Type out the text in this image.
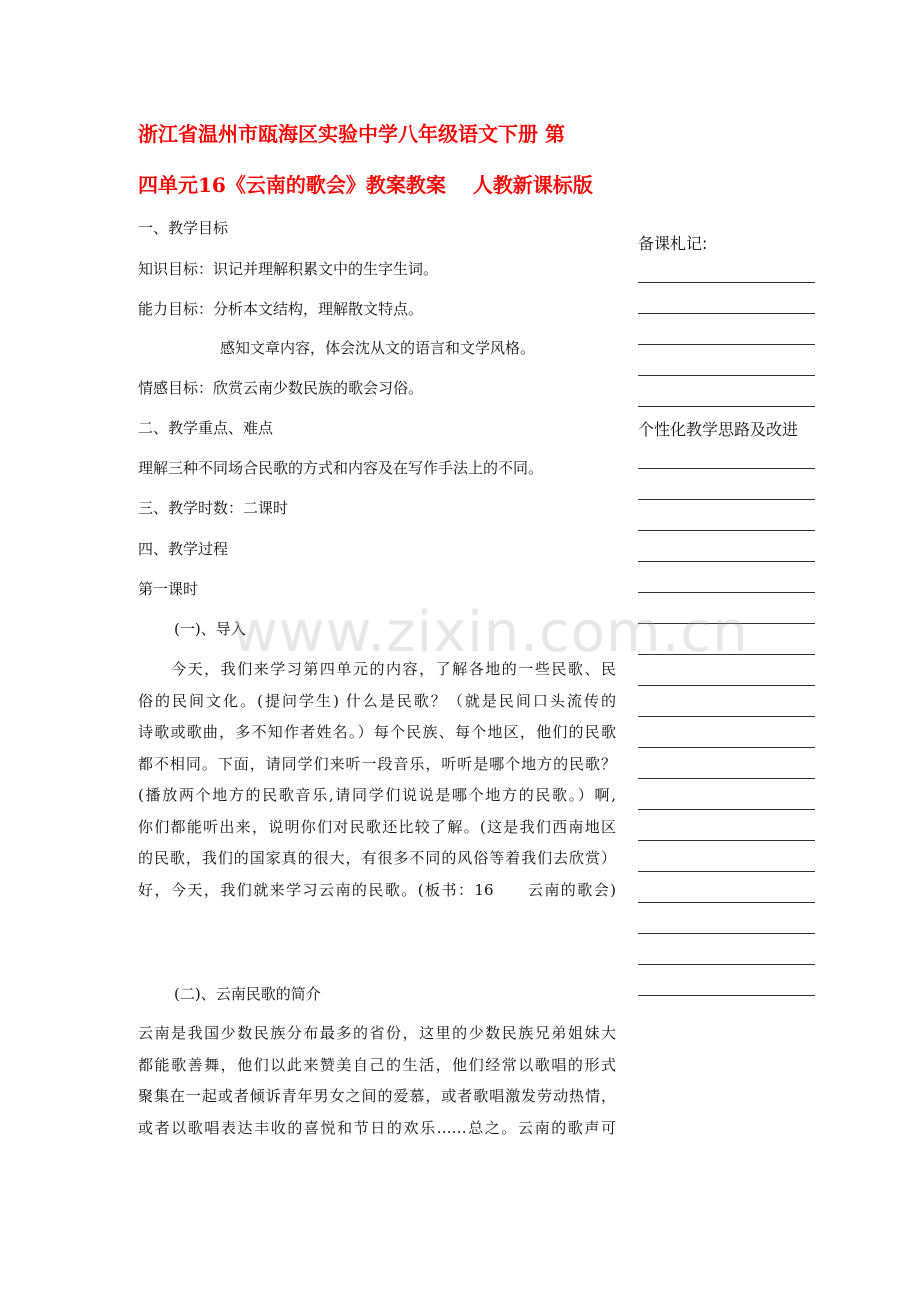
浙江省温州市瓯海区实验中学八年级语文下册 第
四单元16《云南的歌会》教案教案　 人教新课标版
一、教学目标
知识目标：识记并理解积累文中的生字生词。
能力目标：分析本文结构，理解散文特点。
感知文章内容，体会沈从文的语言和文学风格。
情感目标：欣赏云南少数民族的歌会习俗。
二、教学重点、难点
理解三种不同场合民歌的方式和内容及在写作手法上的不同。
三、教学时数：二课时
四、教学过程
第一课时
(一)、导入
　　今天，我们来学习第四单元的内容，了解各地的一些民歌、民
俗的民间文化。(提问学生) 什么是民歌？（就是民间口头流传的
诗歌或歌曲，多不知作者姓名。）每个民族、每个地区，他们的民歌
都不相同。下面，请同学们来听一段音乐，听听是哪个地方的民歌？
(播放两个地方的民歌音乐,请同学们说说是哪个地方的民歌。）啊,
你们都能听出来，说明你们对民歌还比较了解。(这是我们西南地区
的民歌，我们的国家真的很大，有很多不同的风俗等着我们去欣赏）
好，今天，我们就来学习云南的民歌。(板书：16　　云南的歌会)
(二)、云南民歌的简介
云南是我国少数民族分布最多的省份，这里的少数民族兄弟姐妹大
都能歌善舞，他们以此来赞美自己的生活，他们经常以歌唱的形式
聚集在一起或者倾诉青年男女之间的爱慕，或者歌唱激发劳动热情，
或者以歌唱表达丰收的喜悦和节日的欢乐……总之。云南的歌声可
备课札记:
个性化教学思路及改进
www.zixin.com.cn
